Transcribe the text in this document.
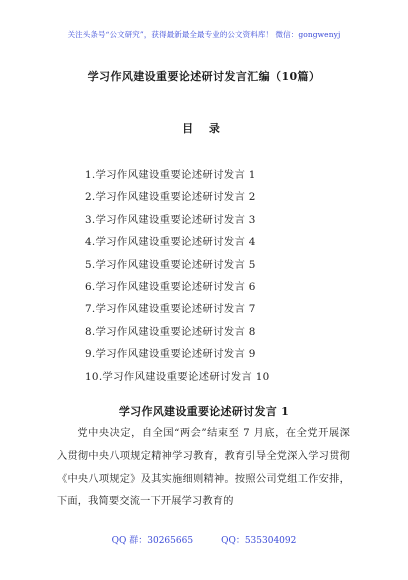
关注头条号“公文研究”，获得最新最全最专业的公文资料库！ 微信：gongwenyj
学习作风建设重要论述研讨发言汇编（10篇）
目 录
1.学习作风建设重要论述研讨发言 1
2.学习作风建设重要论述研讨发言 2
3.学习作风建设重要论述研讨发言 3
4.学习作风建设重要论述研讨发言 4
5.学习作风建设重要论述研讨发言 5
6.学习作风建设重要论述研讨发言 6
7.学习作风建设重要论述研讨发言 7
8.学习作风建设重要论述研讨发言 8
9.学习作风建设重要论述研讨发言 9
10.学习作风建设重要论述研讨发言 10
学习作风建设重要论述研讨发言 1

党中央决定，自全国“两会”结束至 7 月底，在全党开展深入贯彻中央八项规定精神学习教育，教育引导全党深入学习贯彻《中央八项规定》及其实施细则精神。按照公司党组工作安排，下面，我简要交流一下开展学习教育的

QQ 群：30265665	QQ：535304092
